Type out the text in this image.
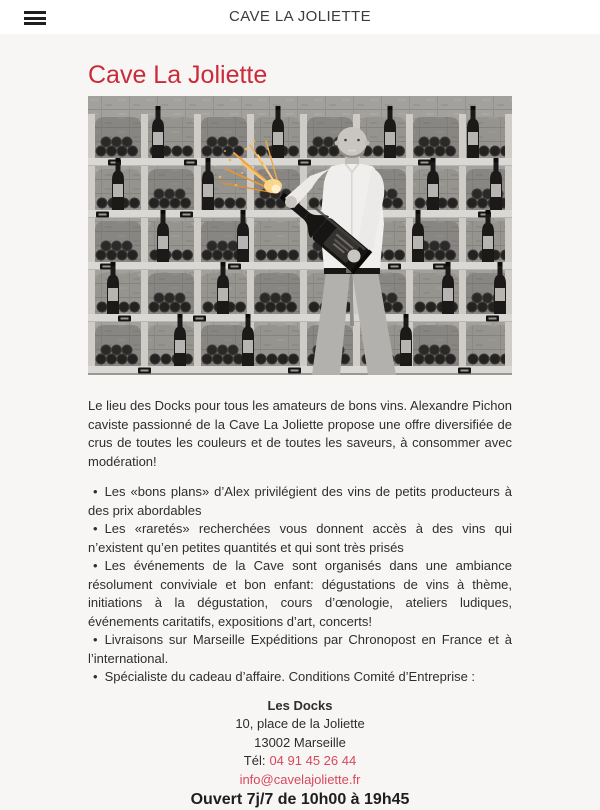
CAVE LA JOLIETTE
Cave La Joliette

Le lieu des Docks pour tous les amateurs de bons vins. Alexandre Pichon caviste passionné de la Cave La Joliette propose une offre diversifiée de crus de toutes les couleurs et de toutes les saveurs, à consommer avec modération!

• Les «bons plans» d’Alex privilégient des vins de petits producteurs à des prix abordables
• Les «raretés» recherchées vous donnent accès à des vins qui n’existent qu’en petites quantités et qui sont très prisés
• Les événements de la Cave sont organisés dans une ambiance résolument conviviale et bon enfant: dégustations de vins à thème, initiations à la dégustation, cours d’œnologie, ateliers ludiques, événements caritatifs, expositions d’art, concerts!
• Livraisons sur Marseille Expéditions par Chronopost en France et à l’international.
• Spécialiste du cadeau d’affaire. Conditions Comité d’Entreprise :
Les Docks
10, place de la Joliette
13002 Marseille
Tél: 04 91 45 26 44
info@cavelajoliette.fr
Ouvert 7j/7 de 10h00 à 19h45
